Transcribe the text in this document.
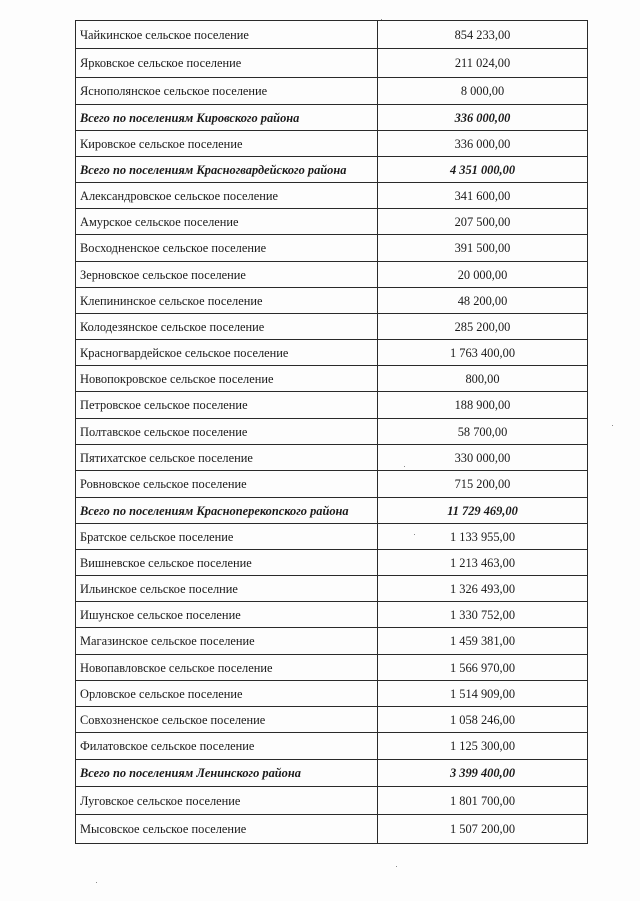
Чайкинское сельское поселение	854 233,00
Ярковское сельское поселение	211 024,00
Яснополянское сельское поселение	8 000,00
Всего по поселениям Кировского района	336 000,00
Кировское сельское поселение	336 000,00
Всего по поселениям Красногвардейского района	4 351 000,00
Александровское сельское поселение	341 600,00
Амурское сельское поселение	207 500,00
Восходненское сельское поселение	391 500,00
Зерновское сельское поселение	20 000,00
Клепининское сельское поселение	48 200,00
Колодезянское сельское поселение	285 200,00
Красногвардейское сельское поселение	1 763 400,00
Новопокровское сельское поселение	800,00
Петровское сельское поселение	188 900,00
Полтавское сельское поселение	58 700,00
Пятихатское сельское поселение	330 000,00
Ровновское сельское поселение	715 200,00
Всего по поселениям Красноперекопского района	11 729 469,00
Братское сельское поселение	1 133 955,00
Вишневское сельское поселение	1 213 463,00
Ильинское сельское поселние	1 326 493,00
Ишунское сельское поселение	1 330 752,00
Магазинское сельское поселение	1 459 381,00
Новопавловское сельское поселение	1 566 970,00
Орловское сельское поселение	1 514 909,00
Совхозненское сельское поселение	1 058 246,00
Филатовское сельское поселение	1 125 300,00
Всего по поселениям Ленинского района	3 399 400,00
Луговское сельское поселение	1 801 700,00
Мысовское сельское поселение	1 507 200,00
